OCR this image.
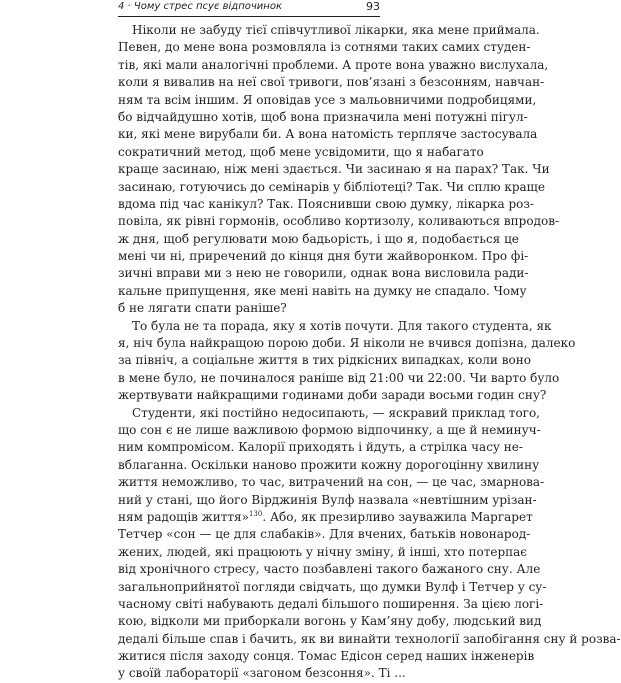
4 · Чому стрес псує відпочинок	93
Ніколи не забуду тієї співчутливої лікарки, яка мене приймала.
Певен, до мене вона розмовляла із сотнями таких самих студен-
тів, які мали аналогічні проблеми. А проте вона уважно вислухала,
коли я вивалив на неї свої тривоги, пов’язані з безсонням, навчан-
ням та всім іншим. Я оповідав усе з мальовничими подробицями,
бо відчайдушно хотів, щоб вона призначила мені потужні пігул-
ки, які мене вирубали би. А вона натомість терпляче застосувала
сократичний метод, щоб мене усвідомити, що я набагато
краще засинаю, ніж мені здається. Чи засинаю я на парах? Так. Чи
засинаю, готуючись до семінарів у бібліотеці? Так. Чи сплю краще
вдома під час канікул? Так. Пояснивши свою думку, лікарка роз-
повіла, як рівні гормонів, особливо кортизолу, коливаються впродов-
ж дня, щоб регулювати мою бадьорість, і що я, подобається це
мені чи ні, приречений до кінця дня бути жайворонком. Про фі-
зичні вправи ми з нею не говорили, однак вона висловила ради-
кальне припущення, яке мені навіть на думку не спадало. Чому
б не лягати спати раніше?
То була не та порада, яку я хотів почути. Для такого студента, як
я, ніч була найкращою порою доби. Я ніколи не вчився допізна, далеко
за північ, а соціальне життя в тих рідкісних випадках, коли воно
в мене було, не починалося раніше від 21:00 чи 22:00. Чи варто було
жертвувати найкращими годинами доби заради восьми годин сну?
Студенти, які постійно недосипають, — яскравий приклад того,
що сон є не лише важливою формою відпочинку, а ще й неминуч-
ним компромісом. Калорії приходять і йдуть, а стрілка часу не-
вблаганна. Оскільки наново прожити кожну дорогоцінну хвилину
життя неможливо, то час, витрачений на сон, — це час, змарнова-
ний у стані, що його Вірджинія Вулф назвала «невтішним урізан-
ням радощів життя»$^{130}$. Або, як презирливо зауважила Маргарет
Тетчер «сон — це для слабаків». Для вчених, батьків новонарод-
жених, людей, які працюють у нічну зміну, й інші, хто потерпає
від хронічного стресу, часто позбавлені такого бажаного сну. Але
загальноприйнятої погляди свідчать, що думки Вулф і Тетчер у су-
часному світі набувають дедалі більшого поширення. За цією логі-
кою, відколи ми приборкали вогонь у Кам’яну добу, людський вид
дедалі більше спав і бачить, як ви винайти технології запобігання сну й розва-
житися після заходу сонця. Томас Едісон серед наших інженерів
у своїй лабораторії «загоном безсоння». Ті ...
